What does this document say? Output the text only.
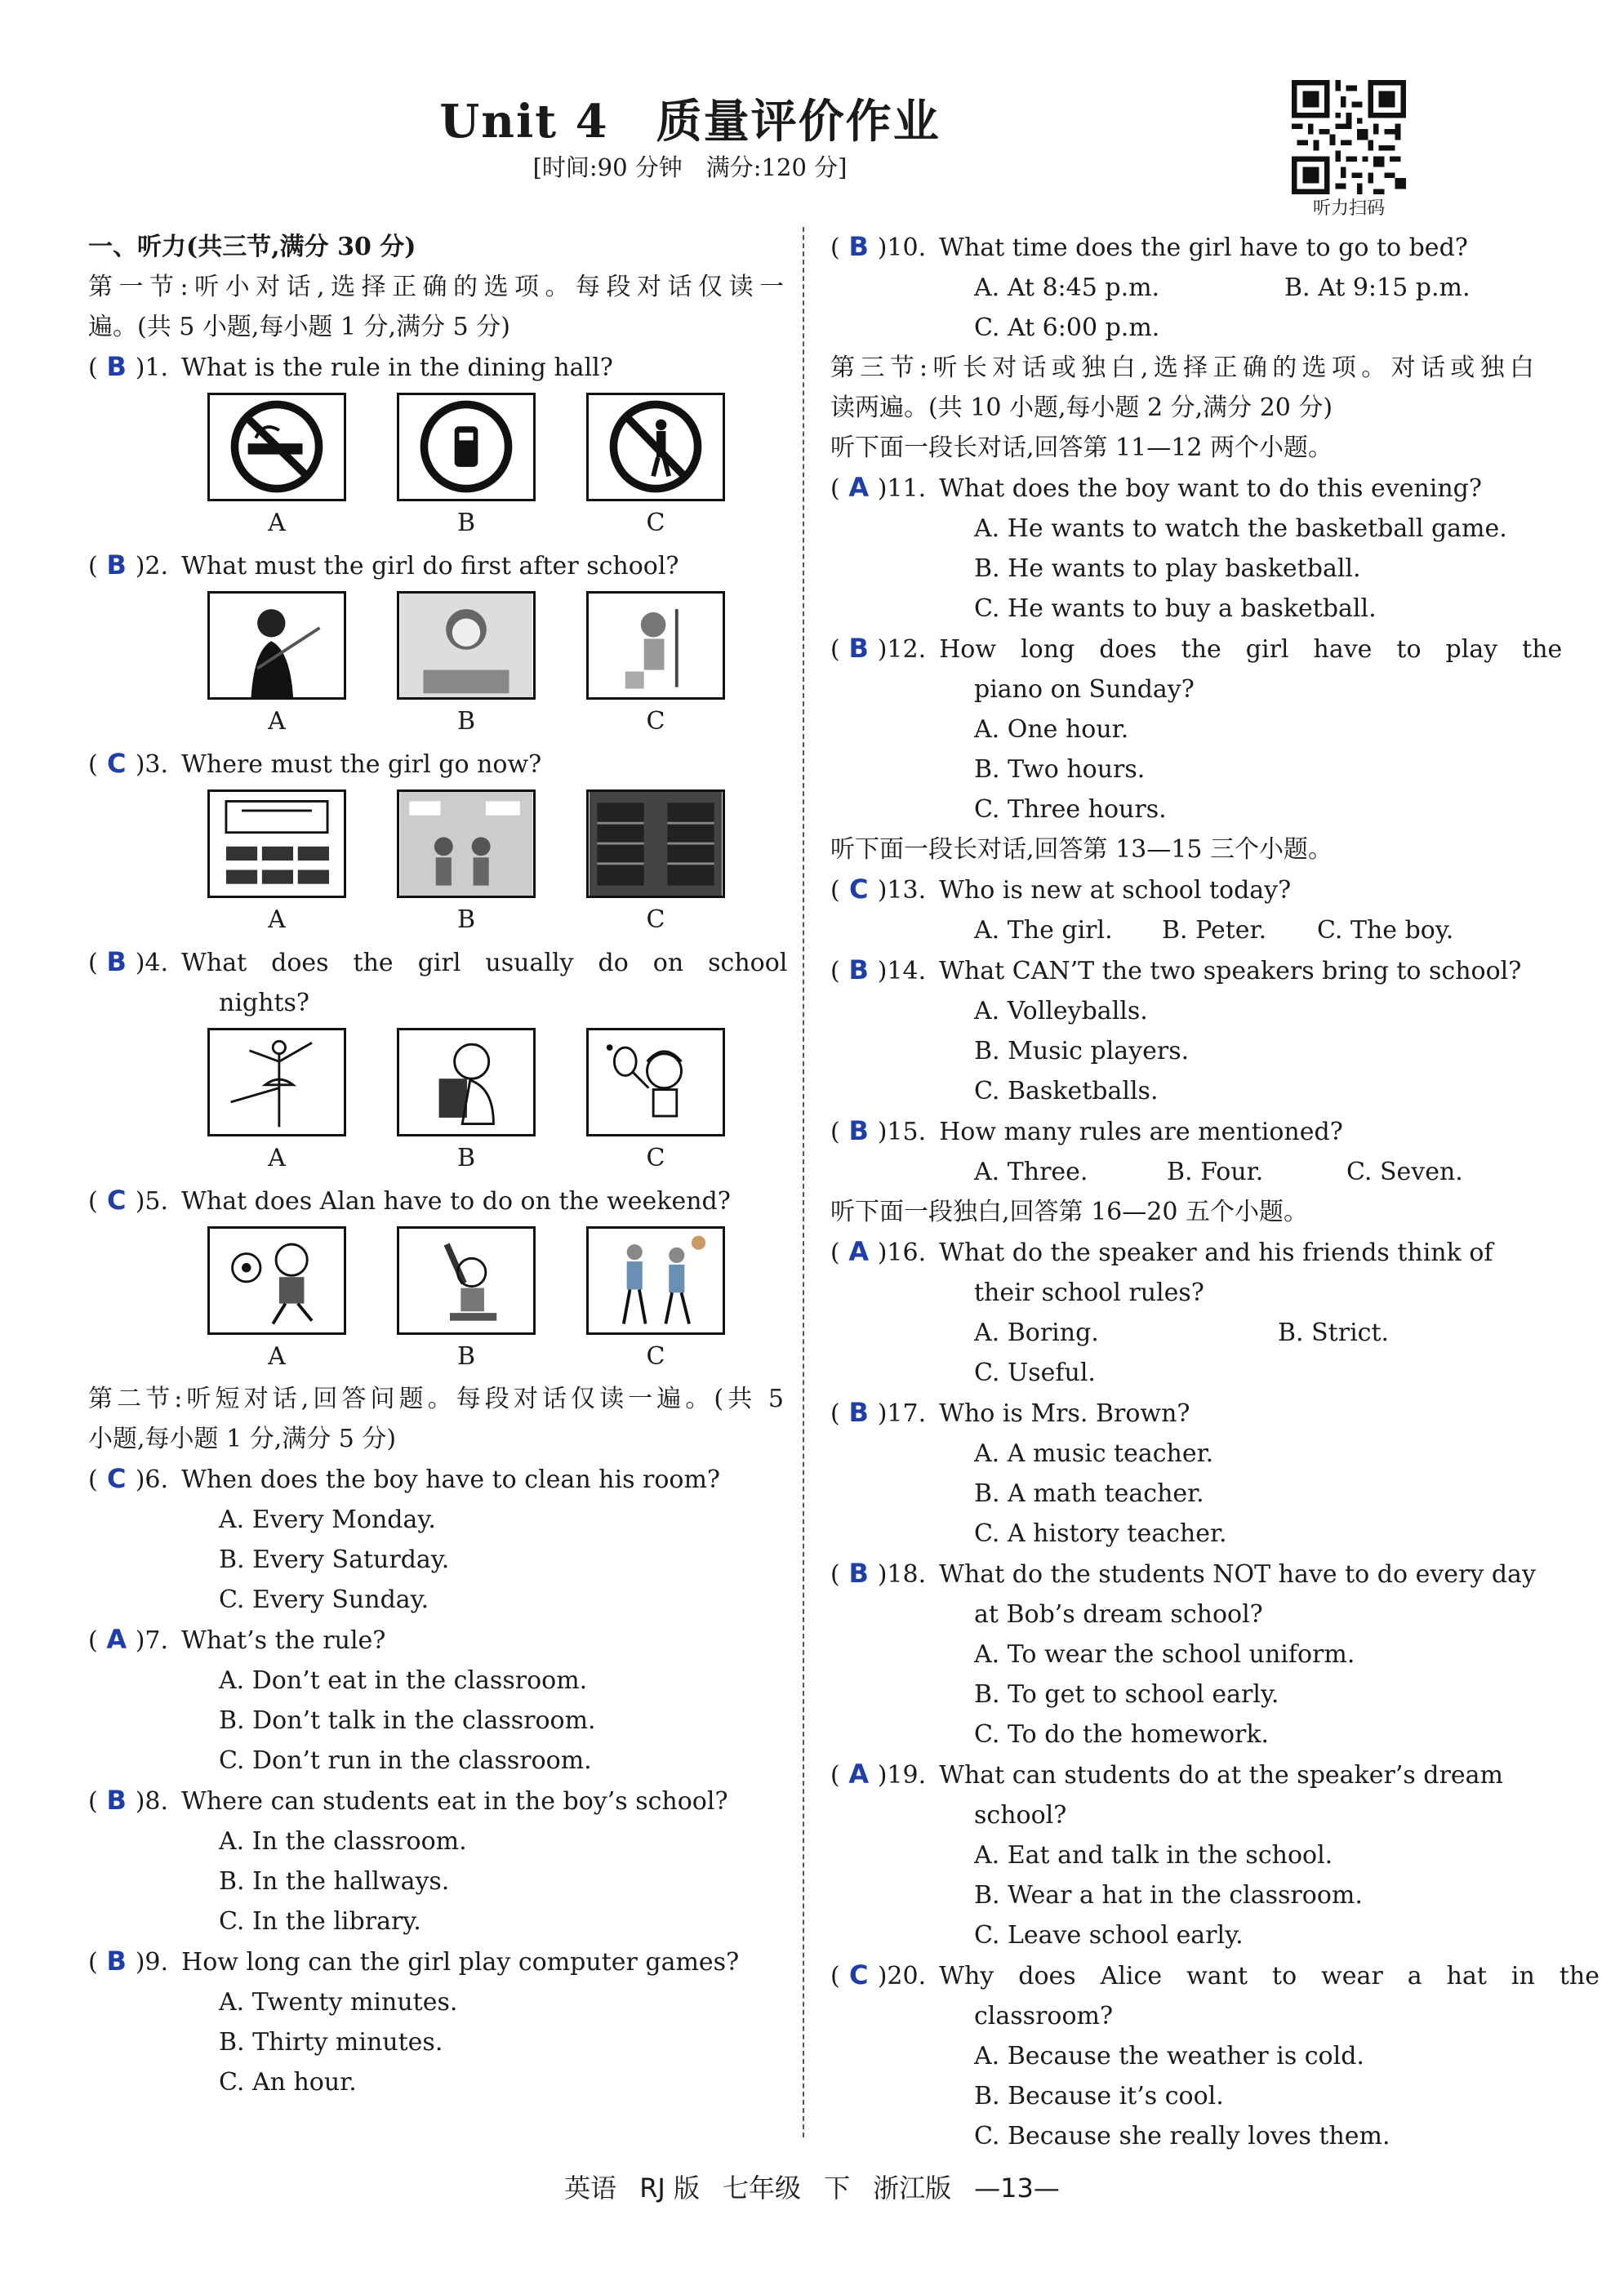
Unit 4　质量评价作业
[时间:90 分钟　满分:120 分]
听力扫码
一、听力(共三节,满分 30 分)
第一节:听小对话,选择正确的选项。每段对话仅读一
遍。(共 5 小题,每小题 1 分,满分 5 分)
( B )1. What is the rule in the dining hall?
A	B	C
( B )2. What must the girl do first after school?
A	B	C
( C )3. Where must the girl go now?
A	B	C
( B )4. What　does　the　girl　usually　do　on　school
nights?
A	B	C
( C )5. What does Alan have to do on the weekend?
A	B	C
第二节:听短对话,回答问题。每段对话仅读一遍。(共 5
小题,每小题 1 分,满分 5 分)
( C )6. When does the boy have to clean his room?
A. Every Monday.
B. Every Saturday.
C. Every Sunday.
( A )7. What’s the rule?
A. Don’t eat in the classroom.
B. Don’t talk in the classroom.
C. Don’t run in the classroom.
( B )8. Where can students eat in the boy’s school?
A. In the classroom.
B. In the hallways.
C. In the library.
( B )9. How long can the girl play computer games?
A. Twenty minutes.
B. Thirty minutes.
C. An hour.
( B )10. What time does the girl have to go to bed?
A. At 8:45 p.m.	B. At 9:15 p.m.
C. At 6:00 p.m.
第三节:听长对话或独白,选择正确的选项。对话或独白
读两遍。(共 10 小题,每小题 2 分,满分 20 分)
听下面一段长对话,回答第 11—12 两个小题。
( A )11. What does the boy want to do this evening?
A. He wants to watch the basketball game.
B. He wants to play basketball.
C. He wants to buy a basketball.
( B )12. How　long　does　the　girl　have　to　play　the
piano on Sunday?
A. One hour.
B. Two hours.
C. Three hours.
听下面一段长对话,回答第 13—15 三个小题。
( C )13. Who is new at school today?
A. The girl. B. Peter. C. The boy.
( B )14. What CAN’T the two speakers bring to school?
A. Volleyballs.
B. Music players.
C. Basketballs.
( B )15. How many rules are mentioned?
A. Three.	B. Four.	C. Seven.
听下面一段独白,回答第 16—20 五个小题。
( A )16. What do the speaker and his friends think of
their school rules?
A. Boring.	B. Strict.
C. Useful.
( B )17. Who is Mrs. Brown?
A. A music teacher.
B. A math teacher.
C. A history teacher.
( B )18. What do the students NOT have to do every day
at Bob’s dream school?
A. To wear the school uniform.
B. To get to school early.
C. To do the homework.
( A )19. What can students do at the speaker’s dream
school?
A. Eat and talk in the school.
B. Wear a hat in the classroom.
C. Leave school early.
( C )20. Why　does　Alice　want　to　wear　a　hat　in　the
classroom?
A. Because the weather is cold.
B. Because it’s cool.
C. Because she really loves them.
英语 RJ 版 七年级 下 浙江版 —13—
